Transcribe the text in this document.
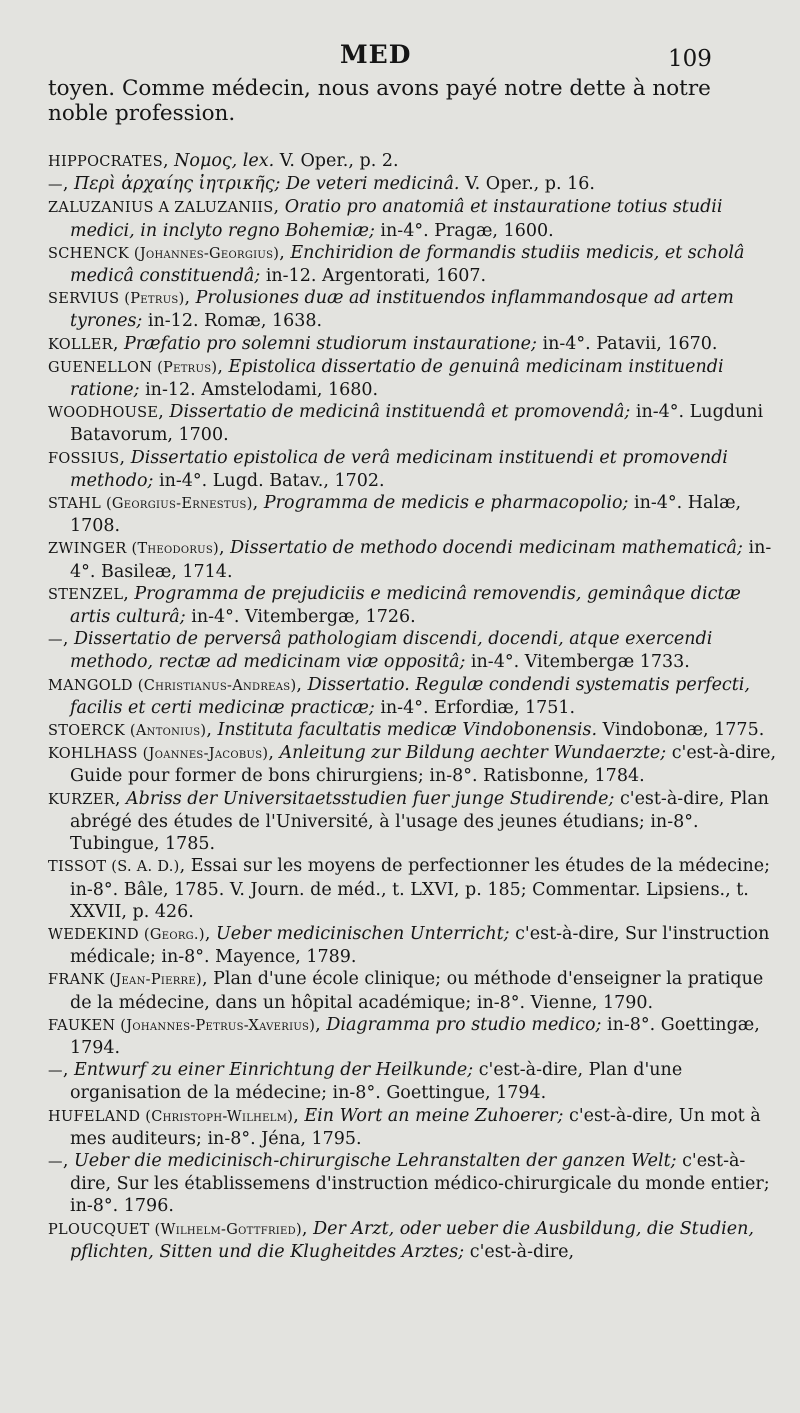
MED	109
toyen. Comme médecin, nous avons payé notre dette à notre noble profession.

HIPPOCRATES, Νομος, lex. V. Oper., p. 2.

—, Περὶ ἀρχαίης ἰητρικῆς; De veteri medicinâ. V. Oper., p. 16.

ZALUZANIUS A ZALUZANIIS, Oratio pro anatomiâ et instauratione totius studii medici, in inclyto regno Bohemiæ; in-4°. Pragæ, 1600.

SCHENCK (Johannes-Georgius), Enchiridion de formandis studiis medicis, et scholâ medicâ constituendâ; in-12. Argentorati, 1607.

SERVIUS (Petrus), Prolusiones duæ ad instituendos inflammandosque ad artem tyrones; in-12. Romæ, 1638.

KOLLER, Præfatio pro solemni studiorum instauratione; in-4°. Patavii, 1670.

GUENELLON (Petrus), Epistolica dissertatio de genuinâ medicinam instituendi ratione; in-12. Amstelodami, 1680.

WOODHOUSE, Dissertatio de medicinâ instituendâ et promovendâ; in-4°. Lugduni Batavorum, 1700.

FOSSIUS, Dissertatio epistolica de verâ medicinam instituendi et promovendi methodo; in-4°. Lugd. Batav., 1702.

STAHL (Georgius-Ernestus), Programma de medicis e pharmacopolio; in-4°. Halæ, 1708.

ZWINGER (Theodorus), Dissertatio de methodo docendi medicinam mathematicâ; in-4°. Basileæ, 1714.

STENZEL, Programma de prejudiciis e medicinâ removendis, geminâque dictæ artis culturâ; in-4°. Vitembergæ, 1726.

—, Dissertatio de perversâ pathologiam discendi, docendi, atque exercendi methodo, rectæ ad medicinam viæ oppositâ; in-4°. Vitembergæ 1733.

MANGOLD (Christianus-Andreas), Dissertatio. Regulæ condendi systematis perfecti, facilis et certi medicinæ practicæ; in-4°. Erfordiæ, 1751.

STOERCK (Antonius), Instituta facultatis medicæ Vindobonensis. Vindobonæ, 1775.

KOHLHASS (Joannes-Jacobus), Anleitung zur Bildung aechter Wundaerzte; c'est-à-dire, Guide pour former de bons chirurgiens; in-8°. Ratisbonne, 1784.

KURZER, Abriss der Universitaetsstudien fuer junge Studirende; c'est-à-dire, Plan abrégé des études de l'Université, à l'usage des jeunes étudians; in-8°. Tubingue, 1785.

TISSOT (S. A. D.), Essai sur les moyens de perfectionner les études de la médecine; in-8°. Bâle, 1785. V. Journ. de méd., t. LXVI, p. 185; Commentar. Lipsiens., t. XXVII, p. 426.

WEDEKIND (Georg.), Ueber medicinischen Unterricht; c'est-à-dire, Sur l'instruction médicale; in-8°. Mayence, 1789.

FRANK (Jean-Pierre), Plan d'une école clinique; ou méthode d'enseigner la pratique de la médecine, dans un hôpital académique; in-8°. Vienne, 1790.

FAUKEN (Johannes-Petrus-Xaverius), Diagramma pro studio medico; in-8°. Goettingæ, 1794.

—, Entwurf zu einer Einrichtung der Heilkunde; c'est-à-dire, Plan d'une organisation de la médecine; in-8°. Goettingue, 1794.

HUFELAND (Christoph-Wilhelm), Ein Wort an meine Zuhoerer; c'est-à-dire, Un mot à mes auditeurs; in-8°. Jéna, 1795.

—, Ueber die medicinisch-chirurgische Lehranstalten der ganzen Welt; c'est-à-dire, Sur les établissemens d'instruction médico-chirurgicale du monde entier; in-8°. 1796.

PLOUCQUET (Wilhelm-Gottfried), Der Arzt, oder ueber die Ausbildung, die Studien, pflichten, Sitten und die Klugheitdes Arztes; c'est-à-dire,
